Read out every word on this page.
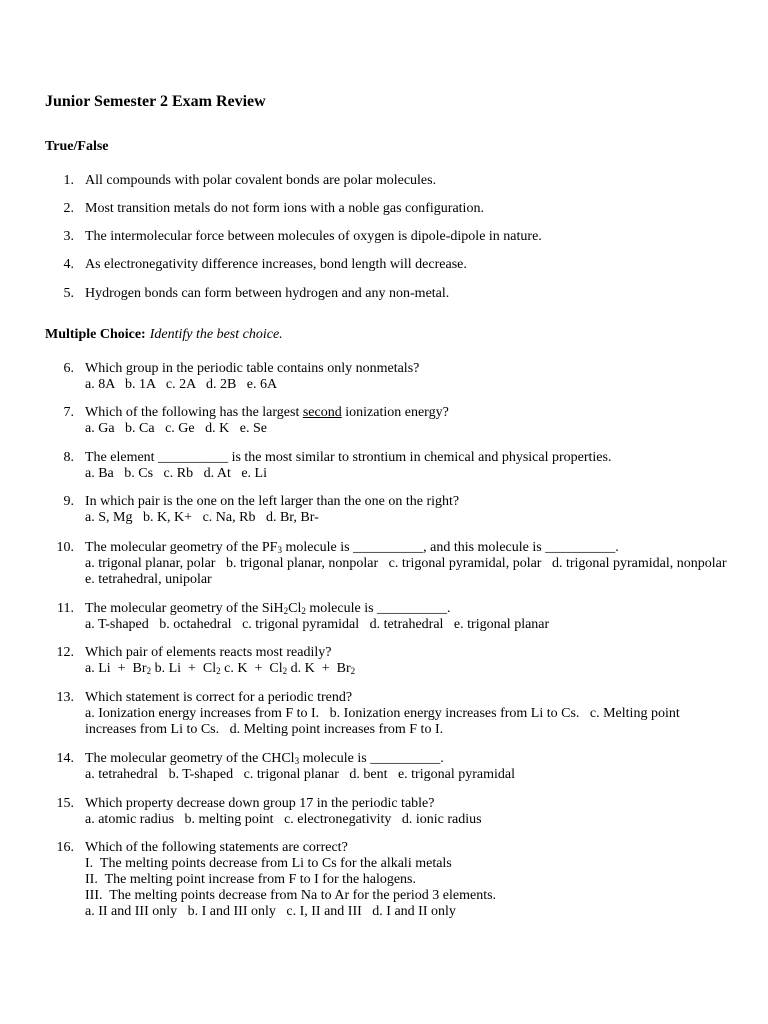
Junior Semester 2 Exam Review
True/False
1. All compounds with polar covalent bonds are polar molecules.
2. Most transition metals do not form ions with a noble gas configuration.
3. The intermolecular force between molecules of oxygen is dipole-dipole in nature.
4. As electronegativity difference increases, bond length will decrease.
5. Hydrogen bonds can form between hydrogen and any non-metal.
Multiple Choice: Identify the best choice.
6. Which group in the periodic table contains only nonmetals?
a. 8A   b. 1A   c. 2A   d. 2B   e. 6A
7. Which of the following has the largest second ionization energy?
a. Ga   b. Ca   c. Ge   d. K   e. Se
8. The element __________ is the most similar to strontium in chemical and physical properties.
a. Ba   b. Cs   c. Rb   d. At   e. Li
9. In which pair is the one on the left larger than the one on the right?
a. S, Mg   b. K, K+   c. Na, Rb   d. Br, Br-
10. The molecular geometry of the $PF_3$ molecule is __________, and this molecule is __________.
a. trigonal planar, polar   b. trigonal planar, nonpolar   c. trigonal pyramidal, polar   d. trigonal pyramidal, nonpolar
e. tetrahedral, unipolar
11. The molecular geometry of the $SiH_2Cl_2$ molecule is __________.
a. T-shaped   b. octahedral   c. trigonal pyramidal   d. tetrahedral   e. trigonal planar
12. Which pair of elements reacts most readily?
a. $Li + Br_2$ b. $Li + Cl_2$ c. $K + Cl_2$ d. $K + Br_2$
13. Which statement is correct for a periodic trend?
a. Ionization energy increases from F to I.   b. Ionization energy increases from Li to Cs.   c. Melting point
increases from Li to Cs.   d. Melting point increases from F to I.
14. The molecular geometry of the CHCl$_3$ molecule is __________.
a. tetrahedral   b. T-shaped   c. trigonal planar   d. bent   e. trigonal pyramidal
15. Which property decrease down group 17 in the periodic table?
a. atomic radius   b. melting point   c. electronegativity   d. ionic radius
16. Which of the following statements are correct?
I.  The melting points decrease from Li to Cs for the alkali metals
II.  The melting point increase from F to I for the halogens.
III.  The melting points decrease from Na to Ar for the period 3 elements.
a. II and III only   b. I and III only   c. I, II and III   d. I and II only
